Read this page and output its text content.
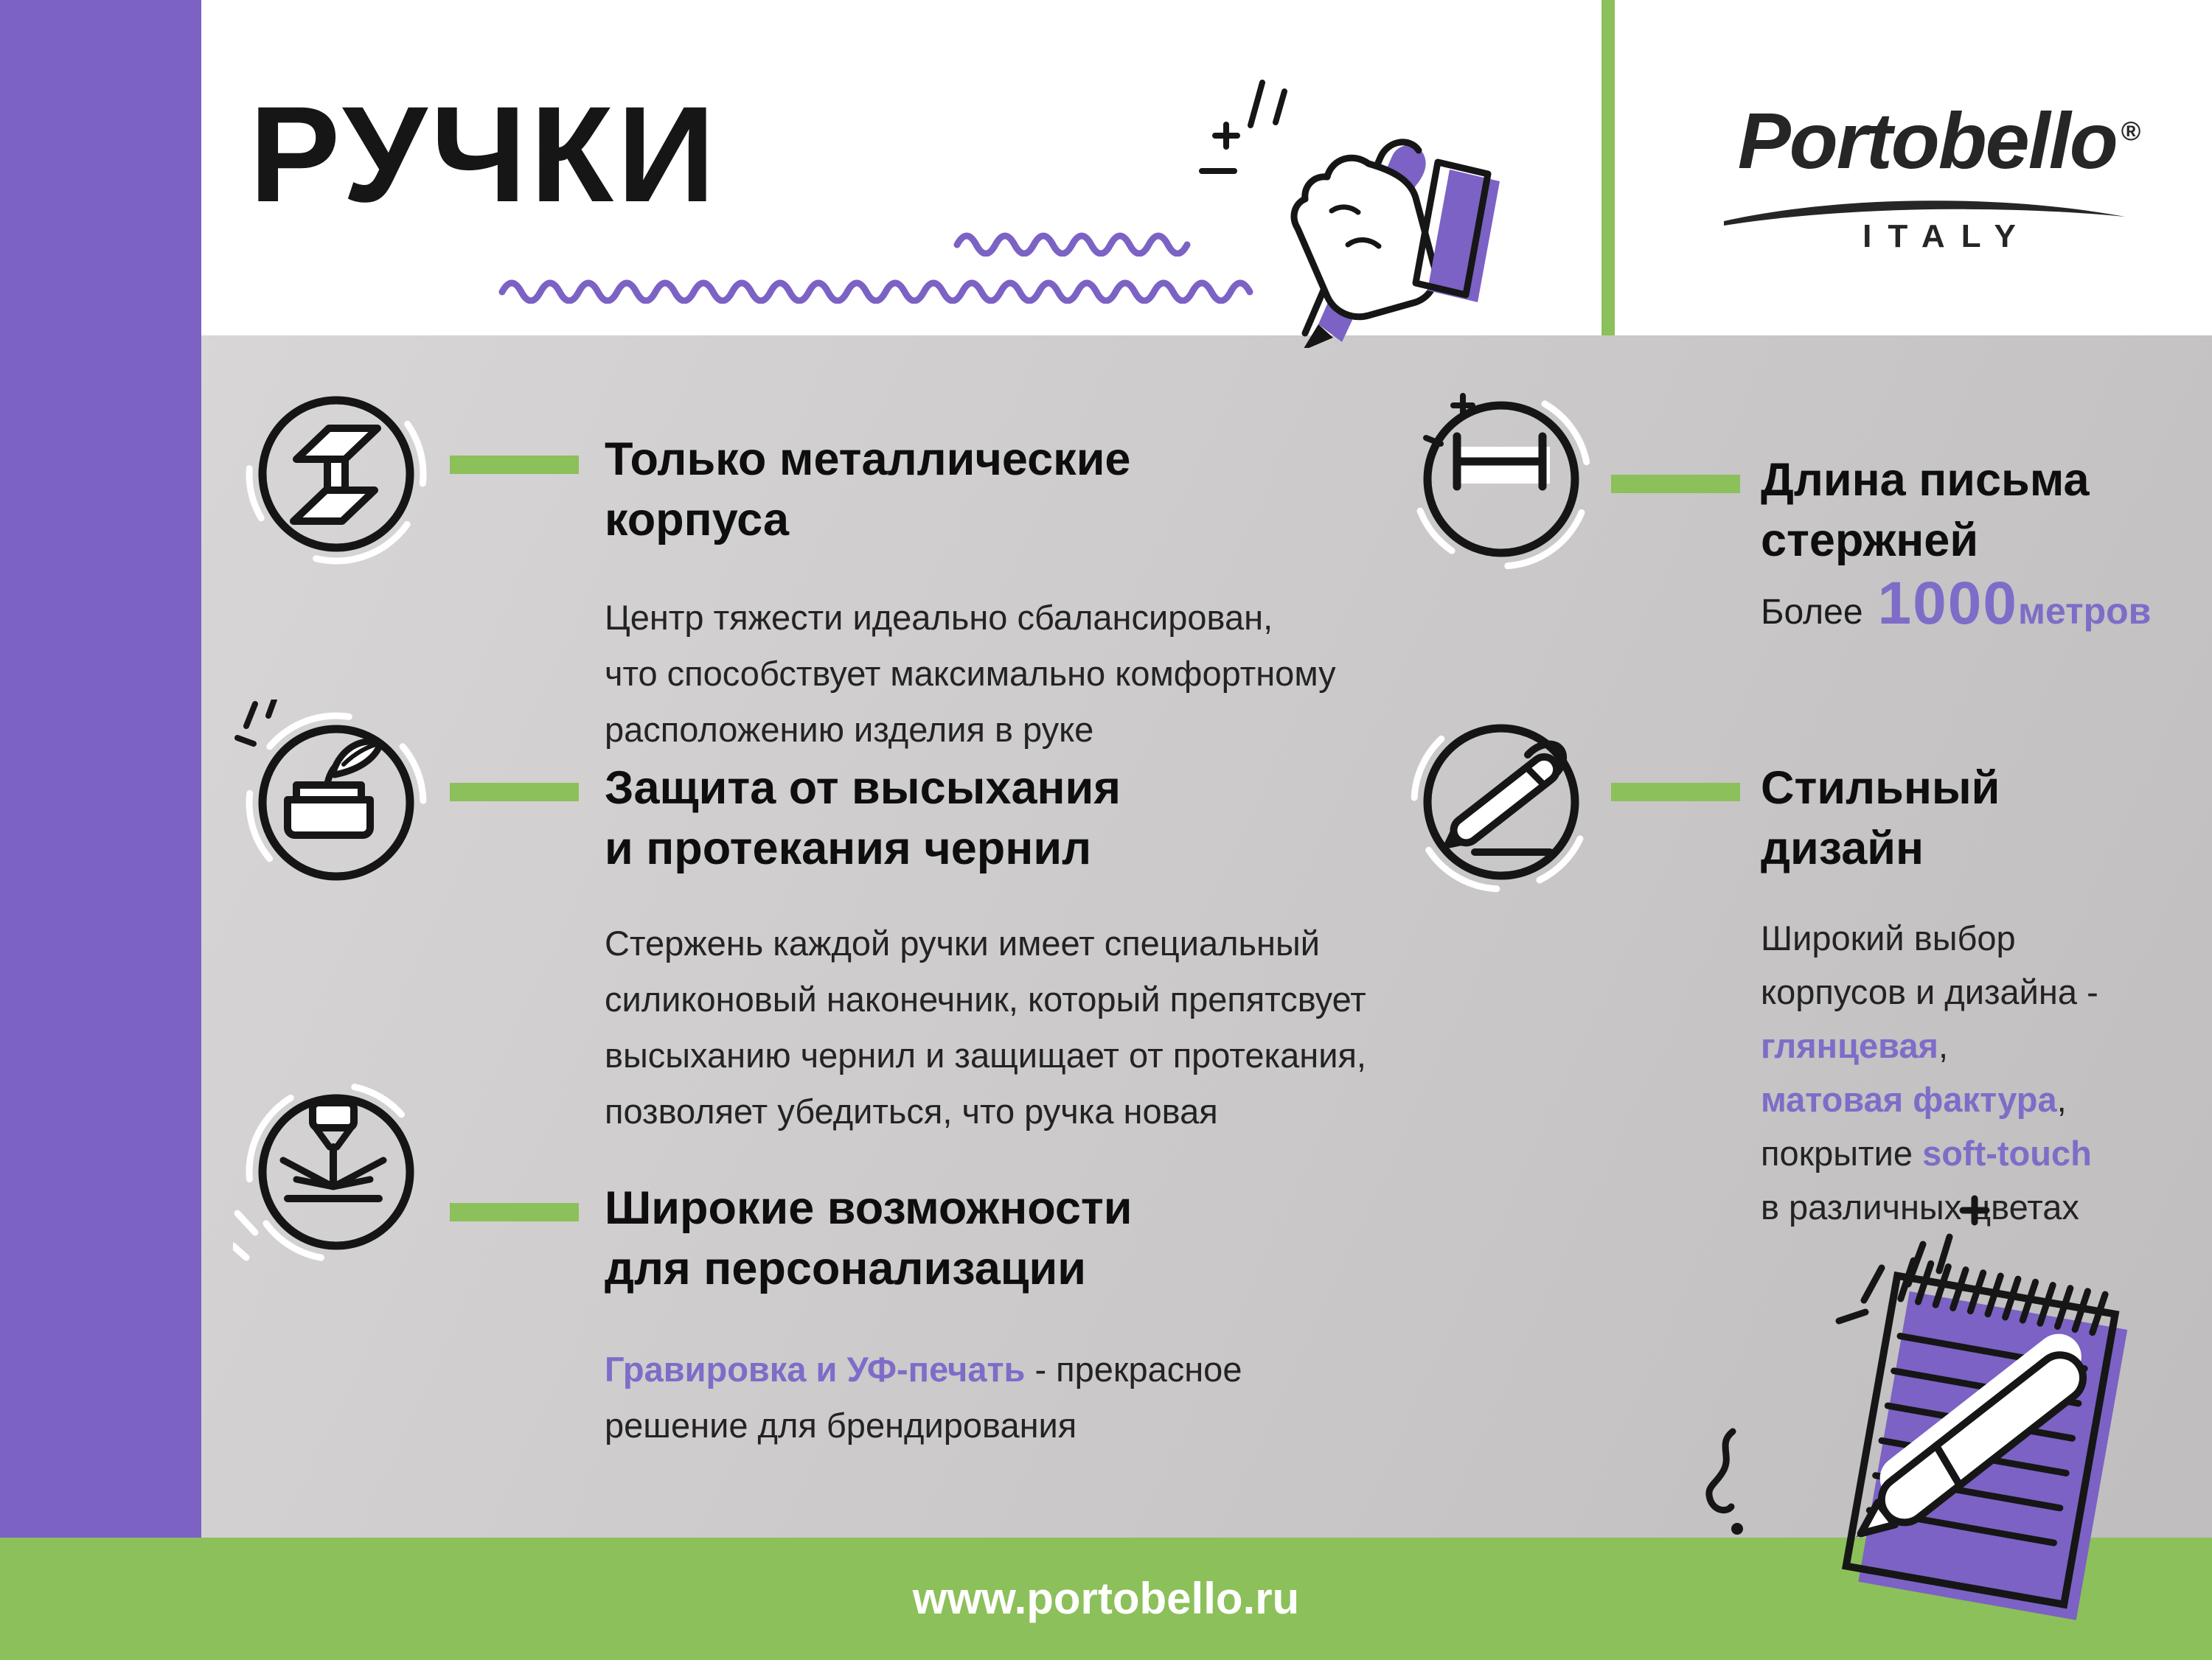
РУЧКИ	Portobello ®
ITALY
Только металлические
корпуса

Центр тяжести идеально сбалансирован,
что способствует максимально комфортному
расположению изделия в руке

Защита от высыхания
и протекания чернил

Стержень каждой ручки имеет специальный
силиконовый наконечник, который препятсвует
высыханию чернил и защищает от протекания,
позволяет убедиться, что ручка новая

Широкие возможности
для персонализации

Гравировка и УФ-печать - прекрасное
решение для брендирования

Длина письма
стержней
Более 1000 метров
Стильный
дизайн

Широкий выбор
корпусов и дизайна -
глянцевая,
матовая фактура,
покрытие soft-touch
в различных цветах

www.portobello.ru
